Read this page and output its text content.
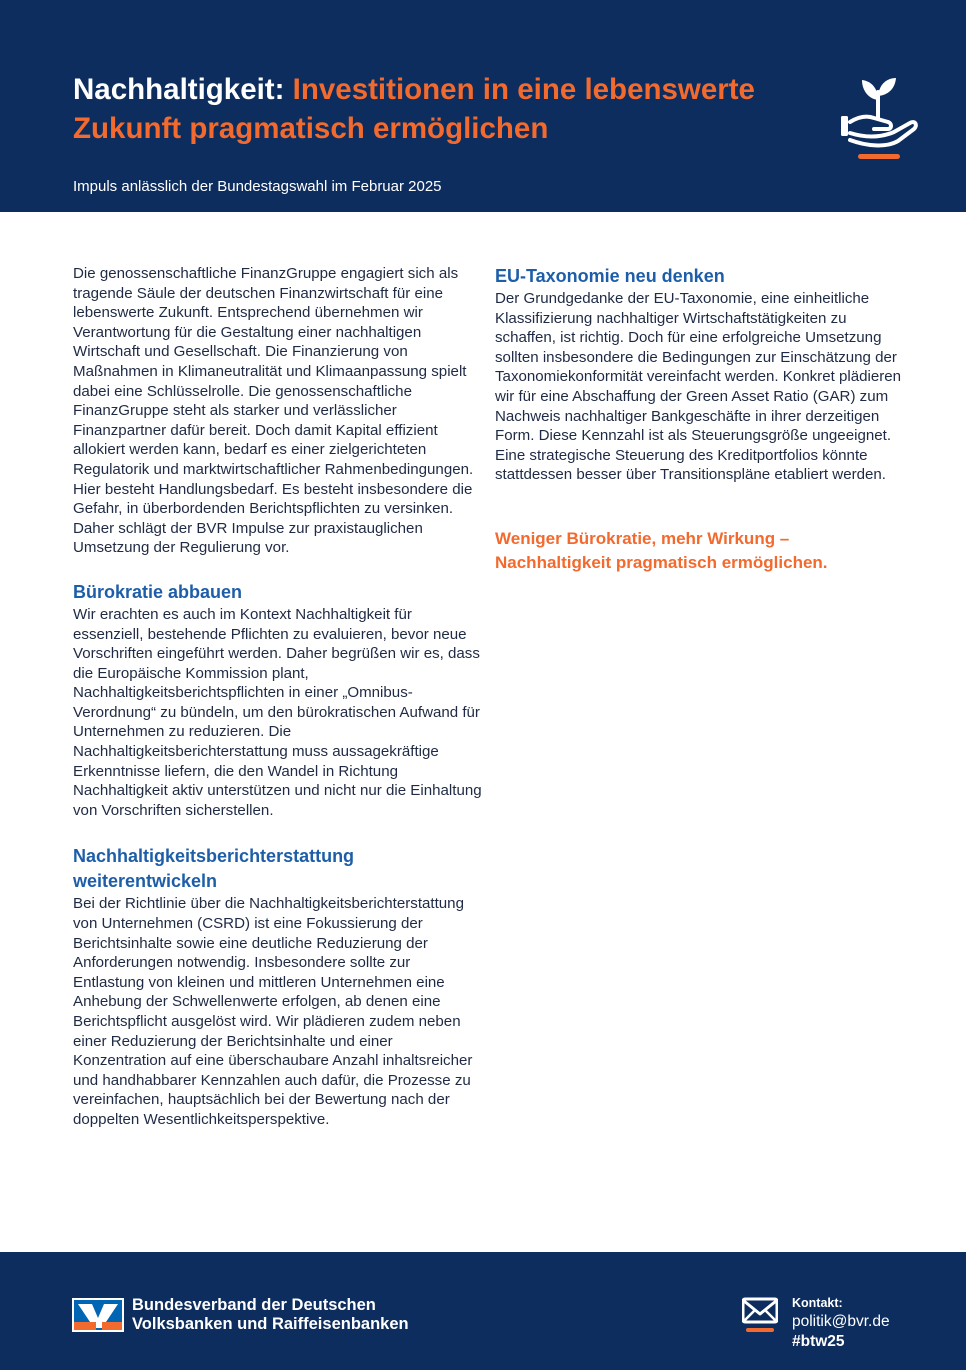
Nachhaltigkeit: Investitionen in eine lebenswerte Zukunft pragmatisch ermöglichen

Impuls anlässlich der Bundestagswahl im Februar 2025

Die genossenschaftliche FinanzGruppe engagiert sich als tragende Säule der deutschen Finanzwirtschaft für eine lebenswerte Zukunft. Entsprechend übernehmen wir Verantwortung für die Gestaltung einer nachhaltigen Wirtschaft und Gesellschaft. Die Finanzierung von Maßnahmen in Klimaneutralität und Klimaanpassung spielt dabei eine Schlüsselrolle. Die genossenschaftliche FinanzGruppe steht als starker und verlässlicher Finanzpartner dafür bereit. Doch damit Kapital effizient allokiert werden kann, bedarf es einer zielgerichteten Regulatorik und marktwirtschaftlicher Rahmenbedingungen. Hier besteht Handlungsbedarf. Es besteht insbesondere die Gefahr, in überbordenden Berichtspflichten zu versinken. Daher schlägt der BVR Impulse zur praxistauglichen Umsetzung der Regulierung vor.

Bürokratie abbauen

Wir erachten es auch im Kontext Nachhaltigkeit für essenziell, bestehende Pflichten zu evaluieren, bevor neue Vorschriften eingeführt werden. Daher begrüßen wir es, dass die Europäische Kommission plant, Nachhaltigkeitsberichtspflichten in einer „Omnibus-Verordnung“ zu bündeln, um den bürokratischen Aufwand für Unternehmen zu reduzieren. Die Nachhaltigkeitsberichterstattung muss aussagekräftige Erkenntnisse liefern, die den Wandel in Richtung Nachhaltigkeit aktiv unterstützen und nicht nur die Einhaltung von Vorschriften sicherstellen.

Nachhaltigkeitsberichterstattung weiterentwickeln

Bei der Richtlinie über die Nachhaltigkeitsberichterstattung von Unternehmen (CSRD) ist eine Fokussierung der Berichtsinhalte sowie eine deutliche Reduzierung der Anforderungen notwendig. Insbesondere sollte zur Entlastung von kleinen und mittleren Unternehmen eine Anhebung der Schwellenwerte erfolgen, ab denen eine Berichtspflicht ausgelöst wird. Wir plädieren zudem neben einer Reduzierung der Berichtsinhalte und einer Konzentration auf eine überschaubare Anzahl inhaltsreicher und handhabbarer Kennzahlen auch dafür, die Prozesse zu vereinfachen, hauptsächlich bei der Bewertung nach der doppelten Wesentlichkeitsperspektive.

EU-Taxonomie neu denken

Der Grundgedanke der EU-Taxonomie, eine einheitliche Klassifizierung nachhaltiger Wirtschaftstätigkeiten zu schaffen, ist richtig. Doch für eine erfolgreiche Umsetzung sollten insbesondere die Bedingungen zur Einschätzung der Taxonomiekonformität vereinfacht werden. Konkret plädieren wir für eine Abschaffung der Green Asset Ratio (GAR) zum Nachweis nachhaltiger Bankgeschäfte in ihrer derzeitigen Form. Diese Kennzahl ist als Steuerungsgröße ungeeignet. Eine strategische Steuerung des Kreditportfolios könnte stattdessen besser über Transitionspläne etabliert werden.

Weniger Bürokratie, mehr Wirkung – Nachhaltigkeit pragmatisch ermöglichen.

Bundesverband der Deutschen
Volksbanken und Raiffeisenbanken

Kontakt:
politik@bvr.de
#btw25
